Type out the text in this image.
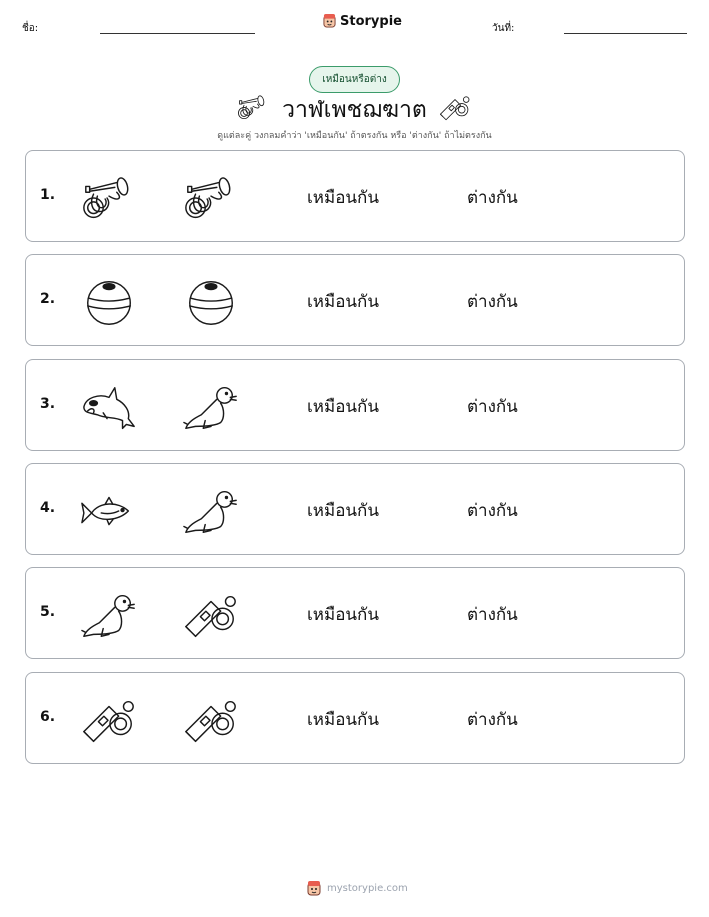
ชื่อ:	Storypie	วันที่:
เหมือนหรือต่าง
วาฬเพชฌฆาต
ดูแต่ละคู่ วงกลมคำว่า 'เหมือนกัน' ถ้าตรงกัน หรือ 'ต่างกัน' ถ้าไม่ตรงกัน
1.	เหมือนกัน	ต่างกัน
2.	เหมือนกัน	ต่างกัน
3.	เหมือนกัน	ต่างกัน
4.	เหมือนกัน	ต่างกัน
5.	เหมือนกัน	ต่างกัน
6.	เหมือนกัน	ต่างกัน
mystorypie.com
